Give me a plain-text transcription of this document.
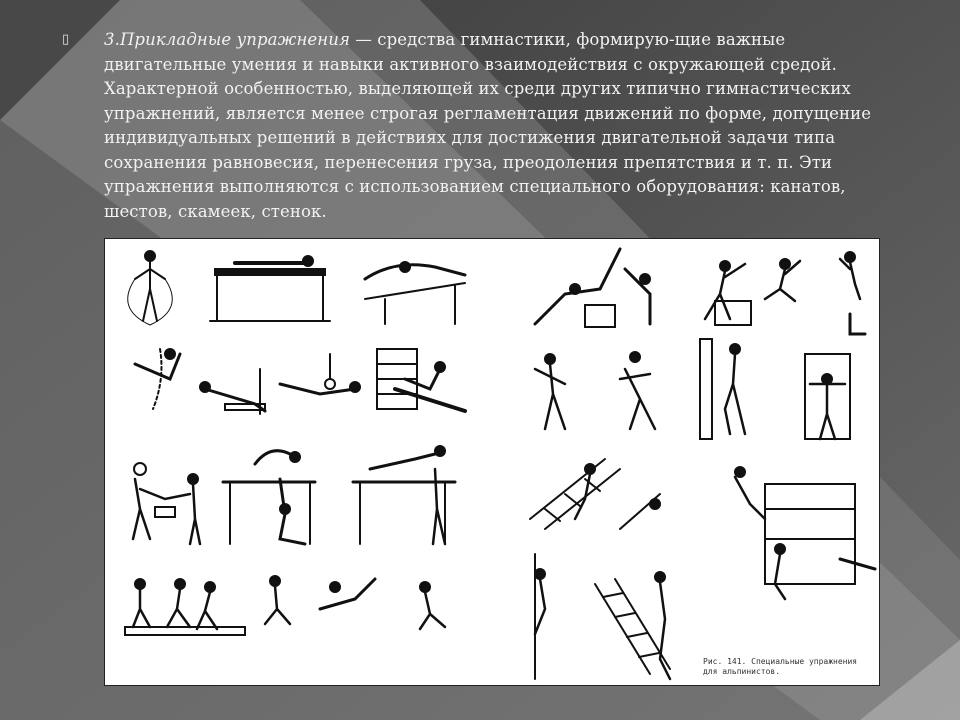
▯ 3.Прикладные упражнения — средства гимнастики, формирую-щие важные двигательные умения и навыки активного взаимодействия с окружающей средой. Характерной особенностью, выделяющей их среди других типично гимнастических упражнений, является менее строгая регламентация движений по форме, допущение индивидуальных решений в действиях для достижения двигательной задачи типа сохранения равновесия, перенесения груза, преодоления препятствия и т. п. Эти упражнения выполняются с использованием специального оборудования: канатов, шестов, скамеек, стенок.
Рис. 141. Специальные упражнения для альпинистов.
